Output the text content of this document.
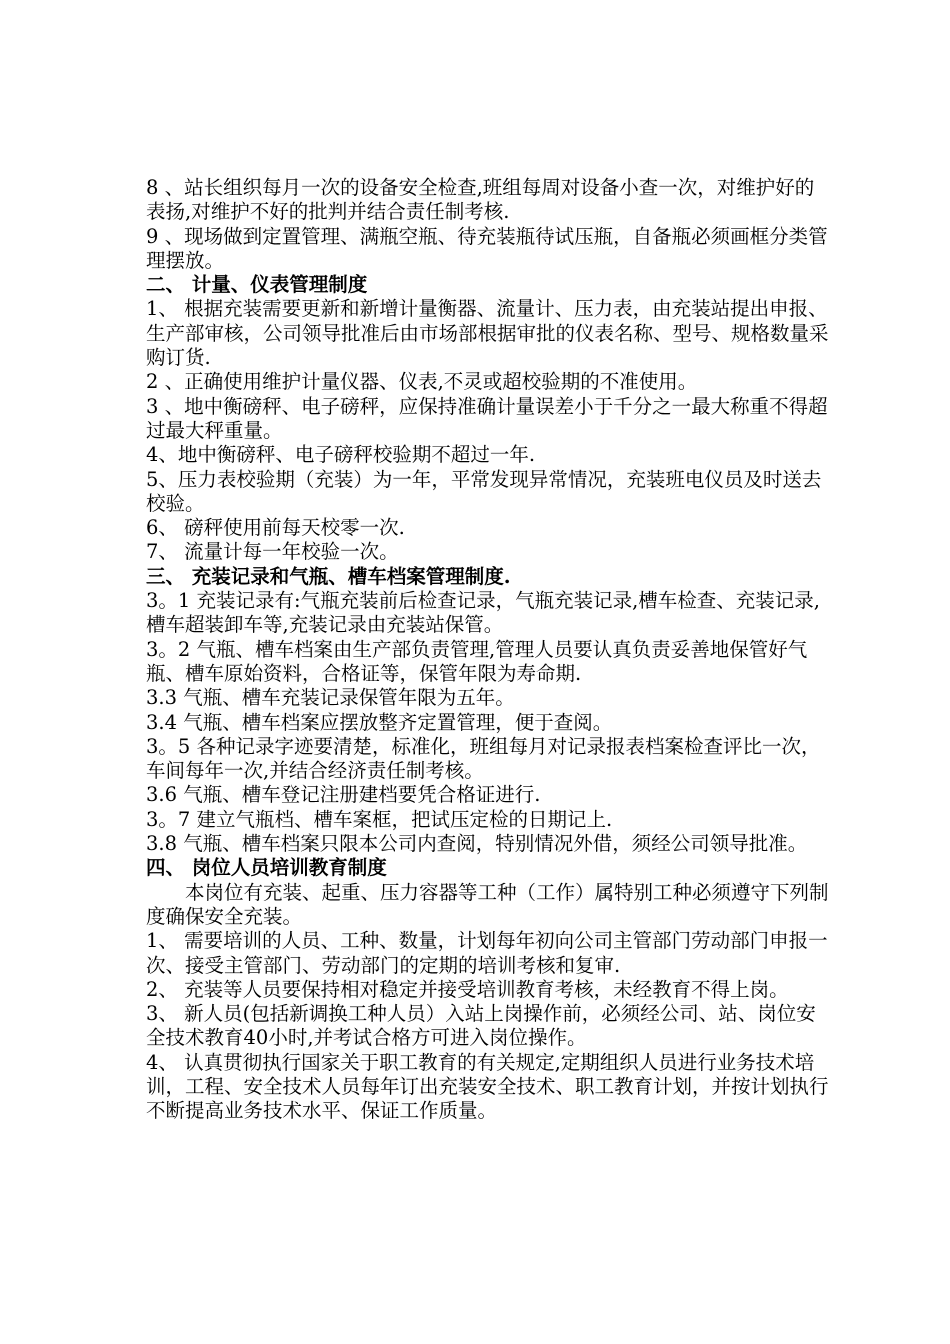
8 、站长组织每月一次的设备安全检查,班组每周对设备小查一次，对维护好的表扬,对维护不好的批判并结合责任制考核.

9 、现场做到定置管理、满瓶空瓶、待充装瓶待试压瓶，自备瓶必须画框分类管理摆放。

二、 计量、仪表管理制度

1、 根据充装需要更新和新增计量衡器、流量计、压力表，由充装站提出申报、生产部审核，公司领导批准后由市场部根据审批的仪表名称、型号、规格数量采购订货.

2 、正确使用维护计量仪器、仪表,不灵或超校验期的不准使用。

3 、地中衡磅秤、电子磅秤，应保持准确计量误差小于千分之一最大称重不得超过最大秤重量。

4、地中衡磅秤、电子磅秤校验期不超过一年.

5、压力表校验期（充装）为一年，平常发现异常情况，充装班电仪员及时送去校验。

6、 磅秤使用前每天校零一次.

7、 流量计每一年校验一次。

三、 充装记录和气瓶、槽车档案管理制度.

3。1 充装记录有:气瓶充装前后检查记录，气瓶充装记录,槽车检查、充装记录,槽车超装卸车等,充装记录由充装站保管。

3。2 气瓶、槽车档案由生产部负责管理,管理人员要认真负责妥善地保管好气瓶、槽车原始资料，合格证等，保管年限为寿命期.

3.3 气瓶、槽车充装记录保管年限为五年。

3.4 气瓶、槽车档案应摆放整齐定置管理，便于查阅。

3。5 各种记录字迹要清楚，标准化，班组每月对记录报表档案检查评比一次，车间每年一次,并结合经济责任制考核。

3.6 气瓶、槽车登记注册建档要凭合格证进行.

3。7 建立气瓶档、槽车案框，把试压定检的日期记上.

3.8 气瓶、槽车档案只限本公司内查阅，特别情况外借，须经公司领导批准。

四、 岗位人员培训教育制度

本岗位有充装、起重、压力容器等工种（工作）属特别工种必须遵守下列制度确保安全充装。

1、 需要培训的人员、工种、数量，计划每年初向公司主管部门劳动部门申报一次、接受主管部门、劳动部门的定期的培训考核和复审.

2、 充装等人员要保持相对稳定并接受培训教育考核，未经教育不得上岗。

3、 新人员(包括新调换工种人员）入站上岗操作前，必须经公司、站、岗位安全技术教育40小时,并考试合格方可进入岗位操作。

4、 认真贯彻执行国家关于职工教育的有关规定,定期组织人员进行业务技术培训，工程、安全技术人员每年订出充装安全技术、职工教育计划，并按计划执行不断提高业务技术水平、保证工作质量。
